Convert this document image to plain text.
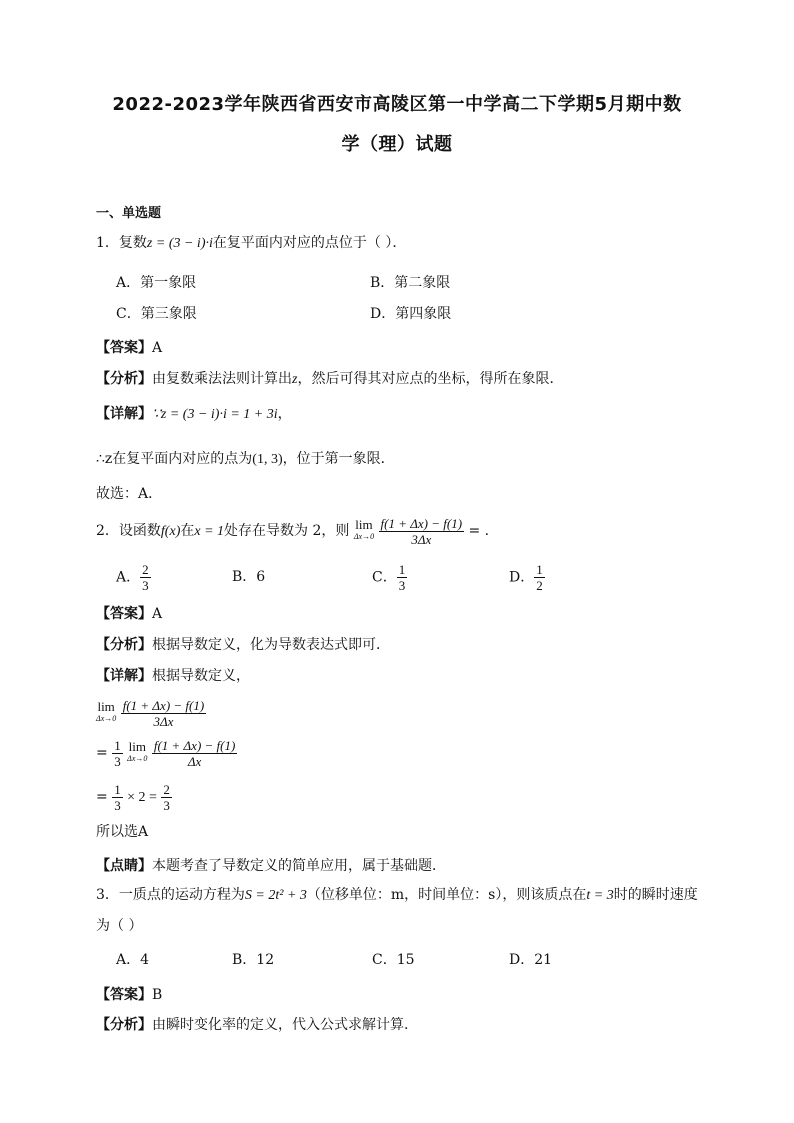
2022-2023学年陕西省西安市高陵区第一中学高二下学期5月期中数
学（理）试题
一、单选题
1．复数z = (3 − i)·i在复平面内对应的点位于（ ）．
A．第一象限	B．第二象限
C．第三象限	D．第四象限
【答案】A
【分析】由复数乘法法则计算出z，然后可得其对应点的坐标，得所在象限．
【详解】∵z = (3 − i)·i = 1 + 3i，
∴z在复平面内对应的点为(1, 3)，位于第一象限．
故选：A．
2．设函数f(x)在x = 1处存在导数为 2，则 lim
Δx→0
$\frac{f(1 + \Delta x) - f(1)}{3\Delta x}$ = .
A． $\frac{2}{3}$	B．6	C． $\frac{1}{3}$	D． $\frac{1}{2}$
【答案】A
【分析】根据导数定义，化为导数表达式即可．
【详解】根据导数定义，
lim
Δx→0
$\frac{f(1 + \Delta x) - f(1)}{3\Delta x}$
= $\frac{1}{3}$
lim
Δx→0
$\frac{f(1 + \Delta x) - f(1)}{\Delta x}$
= $\frac{1}{3} \times 2 = \frac{2}{3}$
所以选A
【点睛】本题考查了导数定义的简单应用，属于基础题．
3．一质点的运动方程为S = 2t² + 3（位移单位：m，时间单位：s），则该质点在t = 3时的瞬时速度
为（ ）
A．4	B．12	C．15	D．21
【答案】B
【分析】由瞬时变化率的定义，代入公式求解计算.
